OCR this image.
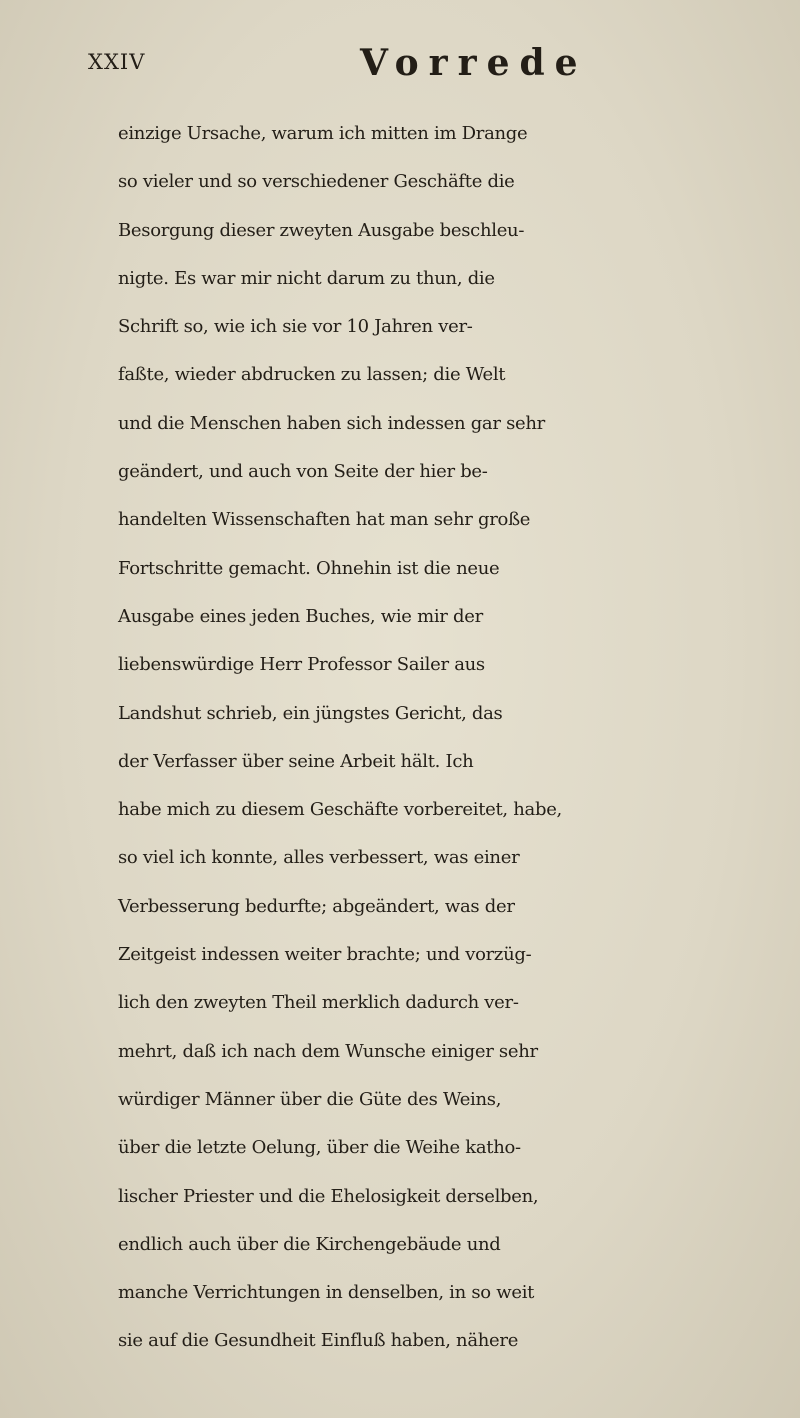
XXIV	Vorrede
einzige Ursache, warum ich mitten im Drange
so vieler und so verschiedener Geschäfte die
Besorgung dieser zweyten Ausgabe beschleu-
nigte. Es war mir nicht darum zu thun, die
Schrift so, wie ich sie vor 10 Jahren ver-
faßte, wieder abdrucken zu lassen; die Welt
und die Menschen haben sich indessen gar sehr
geändert, und auch von Seite der hier be-
handelten Wissenschaften hat man sehr große
Fortschritte gemacht. Ohnehin ist die neue
Ausgabe eines jeden Buches, wie mir der
liebenswürdige Herr Professor Sailer aus
Landshut schrieb, ein jüngstes Gericht, das
der Verfasser über seine Arbeit hält. Ich
habe mich zu diesem Geschäfte vorbereitet, habe,
so viel ich konnte, alles verbessert, was einer
Verbesserung bedurfte; abgeändert, was der
Zeitgeist indessen weiter brachte; und vorzüg-
lich den zweyten Theil merklich dadurch ver-
mehrt, daß ich nach dem Wunsche einiger sehr
würdiger Männer über die Güte des Weins,
über die letzte Oelung, über die Weihe katho-
lischer Priester und die Ehelosigkeit derselben,
endlich auch über die Kirchengebäude und
manche Verrichtungen in denselben, in so weit
sie auf die Gesundheit Einfluß haben, nähere
